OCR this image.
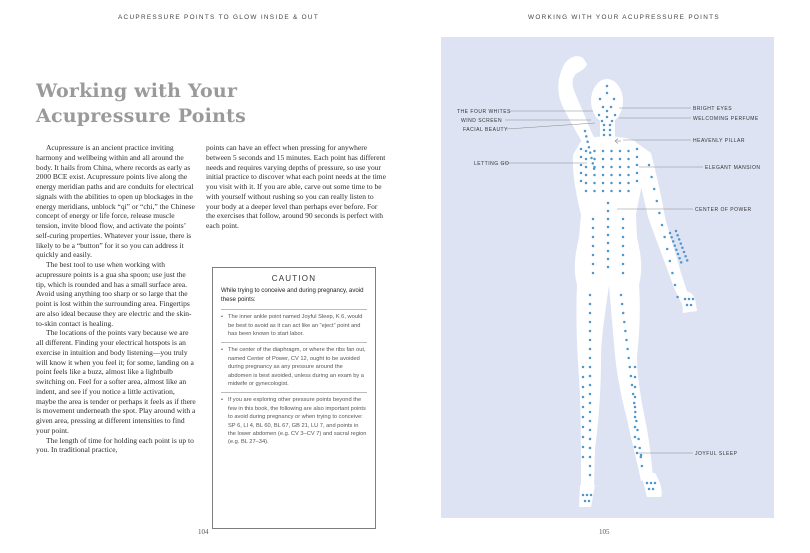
ACUPRESSURE POINTS TO GLOW INSIDE & OUT	WORKING WITH YOUR ACUPRESSURE POINTS
Working with Your
Acupressure Points

Acupressure is an ancient practice inviting harmony and wellbeing within and all around the body. It hails from China, where records as early as 2000 BCE exist. Acupressure points live along the energy meridian paths and are conduits for electrical signals with the abilities to open up blockages in the energy meridians, unblock “qi” or “chi,” the Chinese concept of energy or life force, release muscle tension, invite blood flow, and activate the points’ self-curing properties. Whatever your issue, there is likely to be a “button” for it so you can address it quickly and easily.

The best tool to use when working with acupressure points is a gua sha spoon; use just the tip, which is rounded and has a small surface area. Avoid using anything too sharp or so large that the point is lost within the surrounding area. Fingertips are also ideal because they are electric and the skin-to-skin contact is healing.

The locations of the points vary because we are all different. Finding your electrical hotspots is an exercise in intuition and body listening—you truly will know it when you feel it; for some, landing on a point feels like a buzz, almost like a lightbulb switching on. Feel for a softer area, almost like an indent, and see if you notice a little activation, maybe the area is tender or perhaps it feels as if there is movement underneath the spot. Play around with a given area, pressing at different intensities to find your point.

The length of time for holding each point is up to you. In traditional practice,

points can have an effect when pressing for anywhere between 5 seconds and 15 minutes. Each point has different needs and requires varying depths of pressure, so use your initial practice to discover what each point needs at the time you visit with it. If you are able, carve out some time to be with yourself without rushing so you can really listen to your body at a deeper level than perhaps ever before. For the exercises that follow, around 90 seconds is perfect with each point.

CAUTION

While trying to conceive and during pregnancy, avoid these points:

• The inner ankle point named Joyful Sleep, K 6, would be best to avoid as it can act like an “eject” point and has been known to start labor.
• The center of the diaphragm, or where the ribs fan out, named Center of Power, CV 12, ought to be avoided during pregnancy as any pressure around the abdomen is best avoided, unless during an exam by a midwife or gynecologist.
• If you are exploring other pressure points beyond the few in this book, the following are also important points to avoid during pregnancy or when trying to conceive: SP 6, LI 4, BL 60, BL 67, GB 21, LU 7, and points in the lower abdomen (e.g. CV 3–CV 7) and sacral region (e.g. BL 27–34).
104	105
THE FOUR WHITES
WIND SCREEN
FACIAL BEAUTY
LETTING GO
BRIGHT EYES
WELCOMING PERFUME
HEAVENLY PILLAR
ELEGANT MANSION
CENTER OF POWER
JOYFUL SLEEP
